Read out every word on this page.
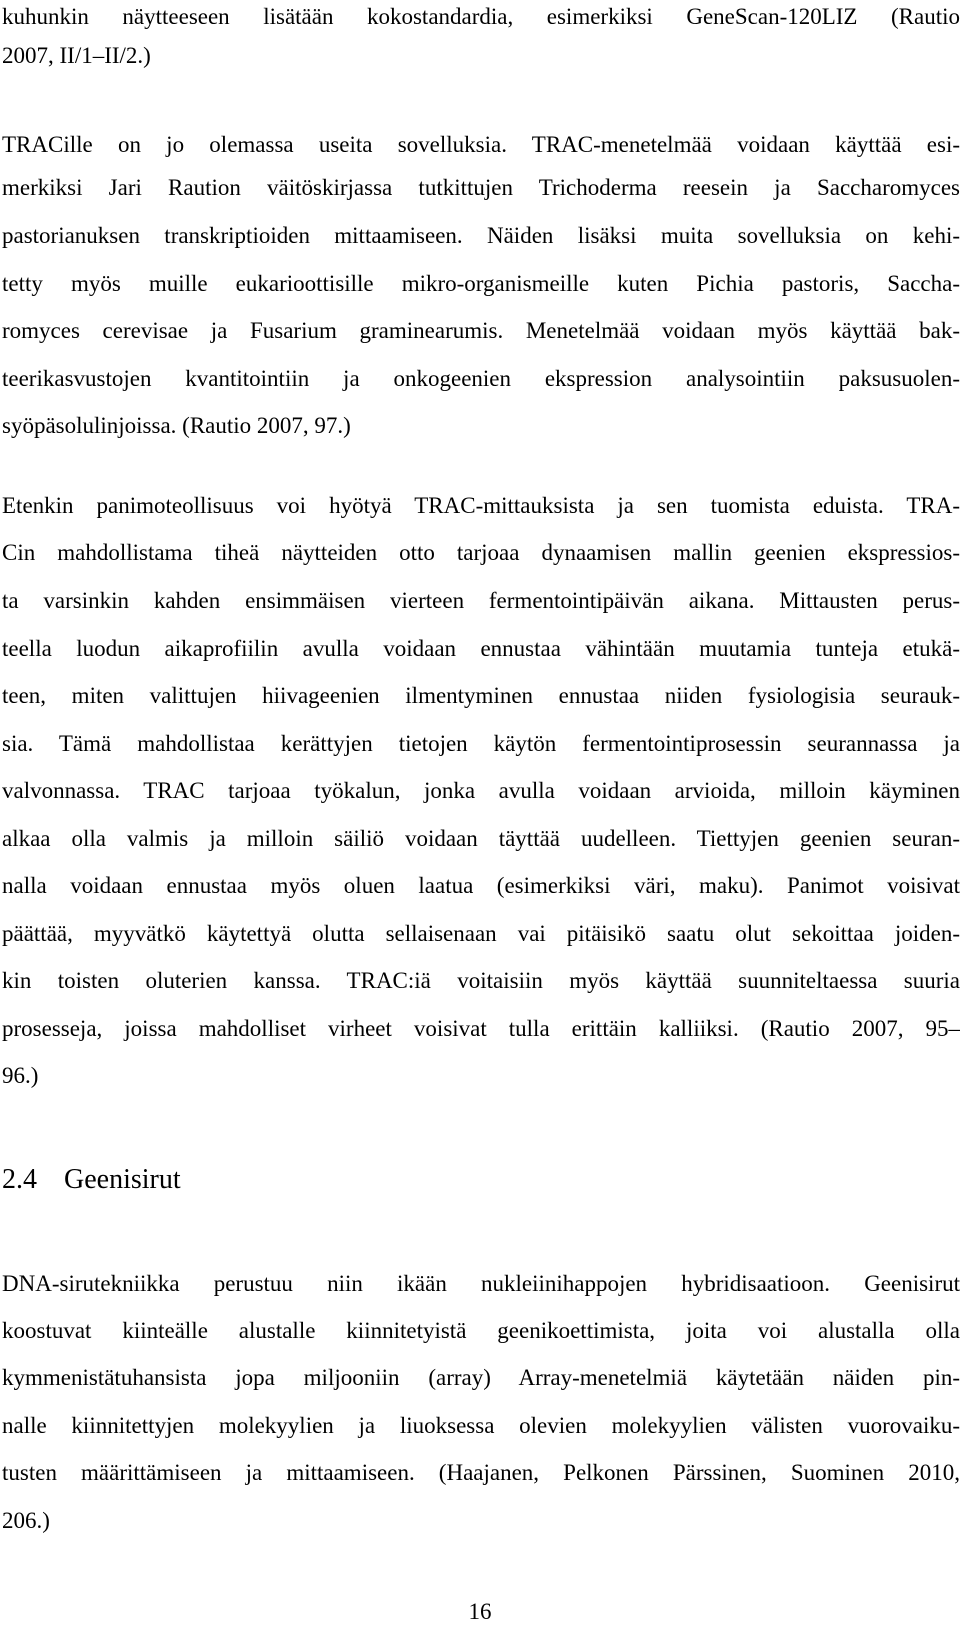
kuhunkin näytteeseen lisätään kokostandardia, esimerkiksi GeneScan-120LIZ (Rautio
2007, II/1–II/2.)
TRACille on jo olemassa useita sovelluksia. TRAC-menetelmää voidaan käyttää esi-
merkiksi Jari Raution väitöskirjassa tutkittujen Trichoderma reesein ja Saccharomyces
pastorianuksen transkriptioiden mittaamiseen. Näiden lisäksi muita sovelluksia on kehi-
tetty myös muille eukarioottisille mikro-organismeille kuten Pichia pastoris, Saccha-
romyces cerevisae ja Fusarium graminearumis. Menetelmää voidaan myös käyttää bak-
teerikasvustojen kvantitointiin ja onkogeenien ekspression analysointiin paksusuolen-
syöpäsolulinjoissa. (Rautio 2007, 97.)
Etenkin panimoteollisuus voi hyötyä TRAC-mittauksista ja sen tuomista eduista. TRA-
Cin mahdollistama tiheä näytteiden otto tarjoaa dynaamisen mallin geenien ekspressios-
ta varsinkin kahden ensimmäisen vierteen fermentointipäivän aikana. Mittausten perus-
teella luodun aikaprofiilin avulla voidaan ennustaa vähintään muutamia tunteja etukä-
teen, miten valittujen hiivageenien ilmentyminen ennustaa niiden fysiologisia seurauk-
sia. Tämä mahdollistaa kerättyjen tietojen käytön fermentointiprosessin seurannassa ja
valvonnassa. TRAC tarjoaa työkalun, jonka avulla voidaan arvioida, milloin käyminen
alkaa olla valmis ja milloin säiliö voidaan täyttää uudelleen. Tiettyjen geenien seuran-
nalla voidaan ennustaa myös oluen laatua (esimerkiksi väri, maku). Panimot voisivat
päättää, myyvätkö käytettyä olutta sellaisenaan vai pitäisikö saatu olut sekoittaa joiden-
kin toisten oluterien kanssa. TRAC:iä voitaisiin myös käyttää suunniteltaessa suuria
prosesseja, joissa mahdolliset virheet voisivat tulla erittäin kalliiksi. (Rautio 2007, 95–
96.)
2.4 Geenisirut
DNA-sirutekniikka perustuu niin ikään nukleiinihappojen hybridisaatioon. Geenisirut
koostuvat kiinteälle alustalle kiinnitetyistä geenikoettimista, joita voi alustalla olla
kymmenistätuhansista jopa miljooniin (array) Array-menetelmiä käytetään näiden pin-
nalle kiinnitettyjen molekyylien ja liuoksessa olevien molekyylien välisten vuorovaiku-
tusten määrittämiseen ja mittaamiseen. (Haajanen, Pelkonen Pärssinen, Suominen 2010,
206.)
16
